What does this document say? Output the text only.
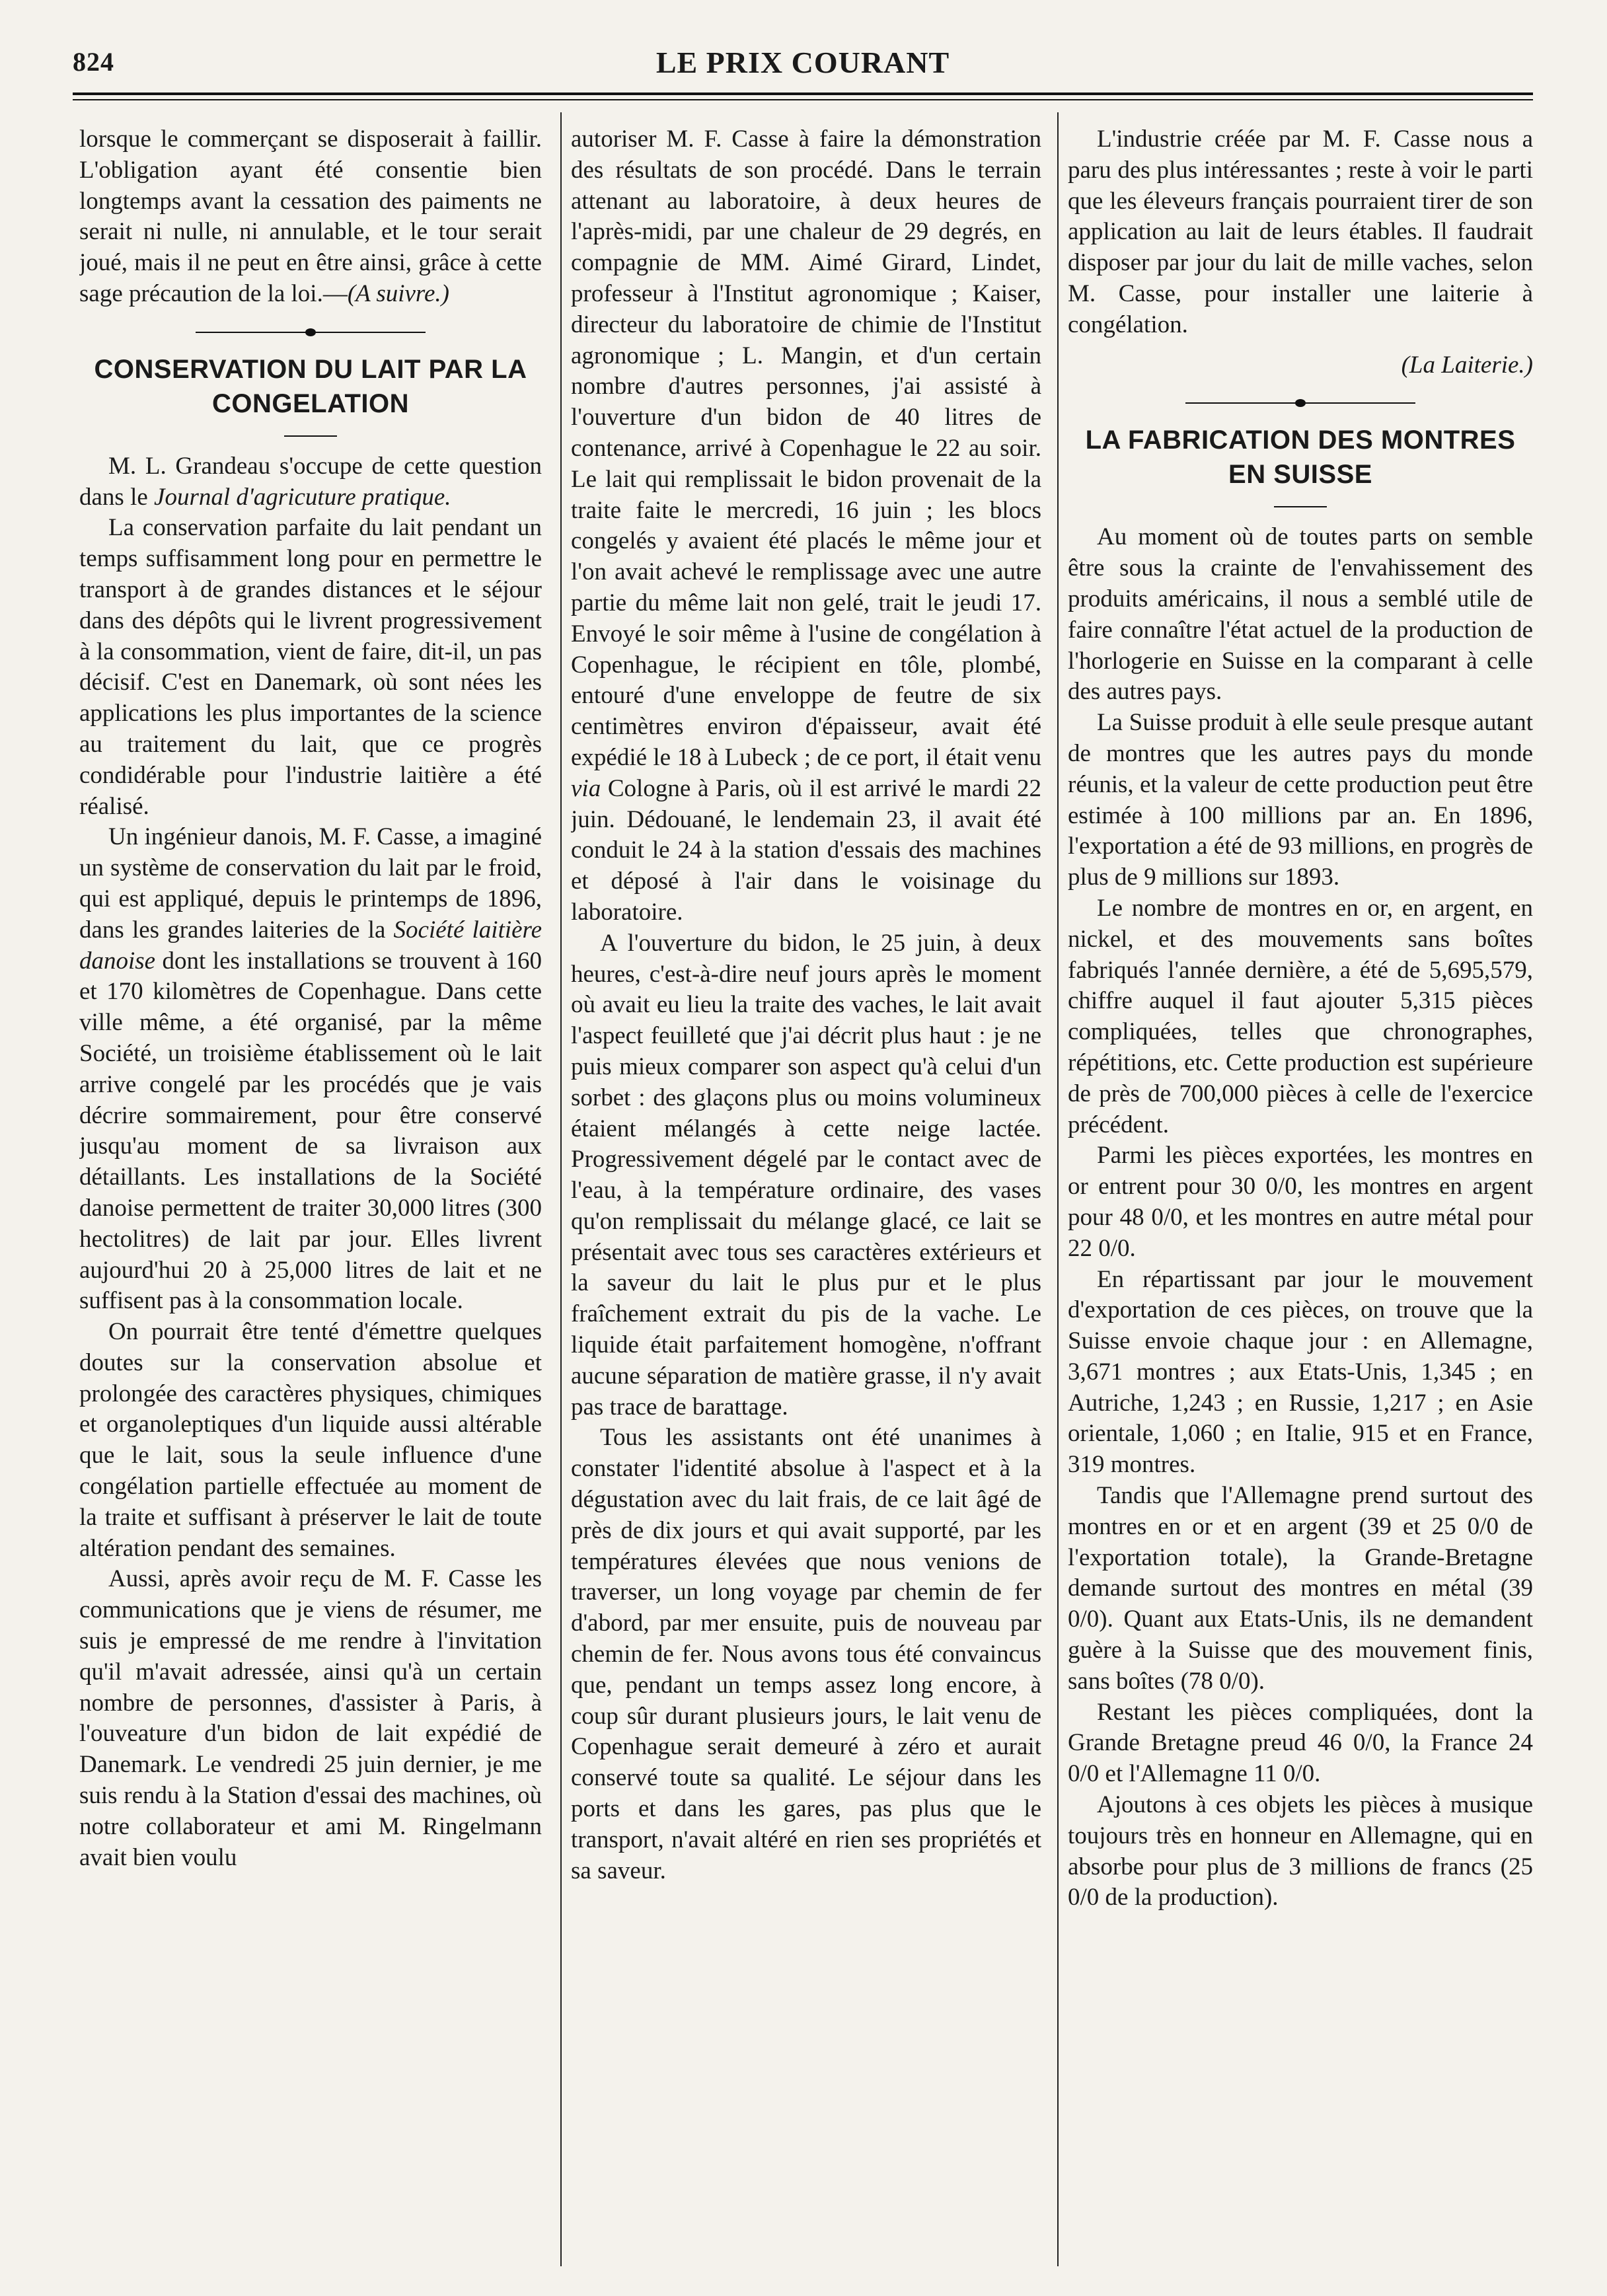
824	LE PRIX COURANT

lorsque le commerçant se disposerait à faillir. L'obligation ayant été consentie bien longtemps avant la cessation des paiments ne serait ni nulle, ni annulable, et le tour serait joué, mais il ne peut en être ainsi, grâce à cette sage précaution de la loi.—(A suivre.)

CONSERVATION DU LAIT PAR LA CONGELATION

M. L. Grandeau s'occupe de cette question dans le Journal d'agricuture pratique.

La conservation parfaite du lait pendant un temps suffisamment long pour en permettre le transport à de grandes distances et le séjour dans des dépôts qui le livrent progressivement à la consommation, vient de faire, dit-il, un pas décisif. C'est en Danemark, où sont nées les applications les plus importantes de la science au traitement du lait, que ce progrès condidérable pour l'industrie laitière a été réalisé.

Un ingénieur danois, M. F. Casse, a imaginé un système de conservation du lait par le froid, qui est appliqué, depuis le printemps de 1896, dans les grandes laiteries de la Société laitière danoise dont les installations se trouvent à 160 et 170 kilomètres de Copenhague. Dans cette ville même, a été organisé, par la même Société, un troisième établissement où le lait arrive congelé par les procédés que je vais décrire sommairement, pour être conservé jusqu'au moment de sa livraison aux détaillants. Les installations de la Société danoise permettent de traiter 30,000 litres (300 hectolitres) de lait par jour. Elles livrent aujourd'hui 20 à 25,000 litres de lait et ne suffisent pas à la consommation locale.

On pourrait être tenté d'émettre quelques doutes sur la conservation absolue et prolongée des caractères physiques, chimiques et organoleptiques d'un liquide aussi altérable que le lait, sous la seule influence d'une congélation partielle effectuée au moment de la traite et suffisant à préserver le lait de toute altération pendant des semaines.

Aussi, après avoir reçu de M. F. Casse les communications que je viens de résumer, me suis je empressé de me rendre à l'invitation qu'il m'avait adressée, ainsi qu'à un certain nombre de personnes, d'assister à Paris, à l'ouveature d'un bidon de lait expédié de Danemark. Le vendredi 25 juin dernier, je me suis rendu à la Station d'essai des machines, où notre collaborateur et ami M. Ringelmann avait bien voulu

autoriser M. F. Casse à faire la démonstration des résultats de son procédé. Dans le terrain attenant au laboratoire, à deux heures de l'après-midi, par une chaleur de 29 degrés, en compagnie de MM. Aimé Girard, Lindet, professeur à l'Institut agronomique ; Kaiser, directeur du laboratoire de chimie de l'Institut agronomique ; L. Mangin, et d'un certain nombre d'autres personnes, j'ai assisté à l'ouverture d'un bidon de 40 litres de contenance, arrivé à Copenhague le 22 au soir. Le lait qui remplissait le bidon provenait de la traite faite le mercredi, 16 juin ; les blocs congelés y avaient été placés le même jour et l'on avait achevé le remplissage avec une autre partie du même lait non gelé, trait le jeudi 17. Envoyé le soir même à l'usine de congélation à Copenhague, le récipient en tôle, plombé, entouré d'une enveloppe de feutre de six centimètres environ d'épaisseur, avait été expédié le 18 à Lubeck ; de ce port, il était venu via Cologne à Paris, où il est arrivé le mardi 22 juin. Dédouané, le lendemain 23, il avait été conduit le 24 à la station d'essais des machines et déposé à l'air dans le voisinage du laboratoire.

A l'ouverture du bidon, le 25 juin, à deux heures, c'est-à-dire neuf jours après le moment où avait eu lieu la traite des vaches, le lait avait l'aspect feuilleté que j'ai décrit plus haut : je ne puis mieux comparer son aspect qu'à celui d'un sorbet : des glaçons plus ou moins volumineux étaient mélangés à cette neige lactée. Progressivement dégelé par le contact avec de l'eau, à la température ordinaire, des vases qu'on remplissait du mélange glacé, ce lait se présentait avec tous ses caractères extérieurs et la saveur du lait le plus pur et le plus fraîchement extrait du pis de la vache. Le liquide était parfaitement homogène, n'offrant aucune séparation de matière grasse, il n'y avait pas trace de barattage.

Tous les assistants ont été unanimes à constater l'identité absolue à l'aspect et à la dégustation avec du lait frais, de ce lait âgé de près de dix jours et qui avait supporté, par les températures élevées que nous venions de traverser, un long voyage par chemin de fer d'abord, par mer ensuite, puis de nouveau par chemin de fer. Nous avons tous été convaincus que, pendant un temps assez long encore, à coup sûr durant plusieurs jours, le lait venu de Copenhague serait demeuré à zéro et aurait conservé toute sa qualité. Le séjour dans les ports et dans les gares, pas plus que le transport, n'avait altéré en rien ses propriétés et sa saveur.

L'industrie créée par M. F. Casse nous a paru des plus intéressantes ; reste à voir le parti que les éleveurs français pourraient tirer de son application au lait de leurs étables. Il faudrait disposer par jour du lait de mille vaches, selon M. Casse, pour installer une laiterie à congélation.

(La Laiterie.)

LA FABRICATION DES MONTRES EN SUISSE

Au moment où de toutes parts on semble être sous la crainte de l'envahissement des produits américains, il nous a semblé utile de faire connaître l'état actuel de la production de l'horlogerie en Suisse en la comparant à celle des autres pays.

La Suisse produit à elle seule presque autant de montres que les autres pays du monde réunis, et la valeur de cette production peut être estimée à 100 millions par an. En 1896, l'exportation a été de 93 millions, en progrès de plus de 9 millions sur 1893.

Le nombre de montres en or, en argent, en nickel, et des mouvements sans boîtes fabriqués l'année dernière, a été de 5,695,579, chiffre auquel il faut ajouter 5,315 pièces compliquées, telles que chronographes, répétitions, etc. Cette production est supérieure de près de 700,000 pièces à celle de l'exercice précédent.

Parmi les pièces exportées, les montres en or entrent pour 30 0/0, les montres en argent pour 48 0/0, et les montres en autre métal pour 22 0/0.

En répartissant par jour le mouvement d'exportation de ces pièces, on trouve que la Suisse envoie chaque jour : en Allemagne, 3,671 montres ; aux Etats-Unis, 1,345 ; en Autriche, 1,243 ; en Russie, 1,217 ; en Asie orientale, 1,060 ; en Italie, 915 et en France, 319 montres.

Tandis que l'Allemagne prend surtout des montres en or et en argent (39 et 25 0/0 de l'exportation totale), la Grande-Bretagne demande surtout des montres en métal (39 0/0). Quant aux Etats-Unis, ils ne demandent guère à la Suisse que des mouvement finis, sans boîtes (78 0/0).

Restant les pièces compliquées, dont la Grande Bretagne preud 46 0/0, la France 24 0/0 et l'Allemagne 11 0/0.

Ajoutons à ces objets les pièces à musique toujours très en honneur en Allemagne, qui en absorbe pour plus de 3 millions de francs (25 0/0 de la production).
